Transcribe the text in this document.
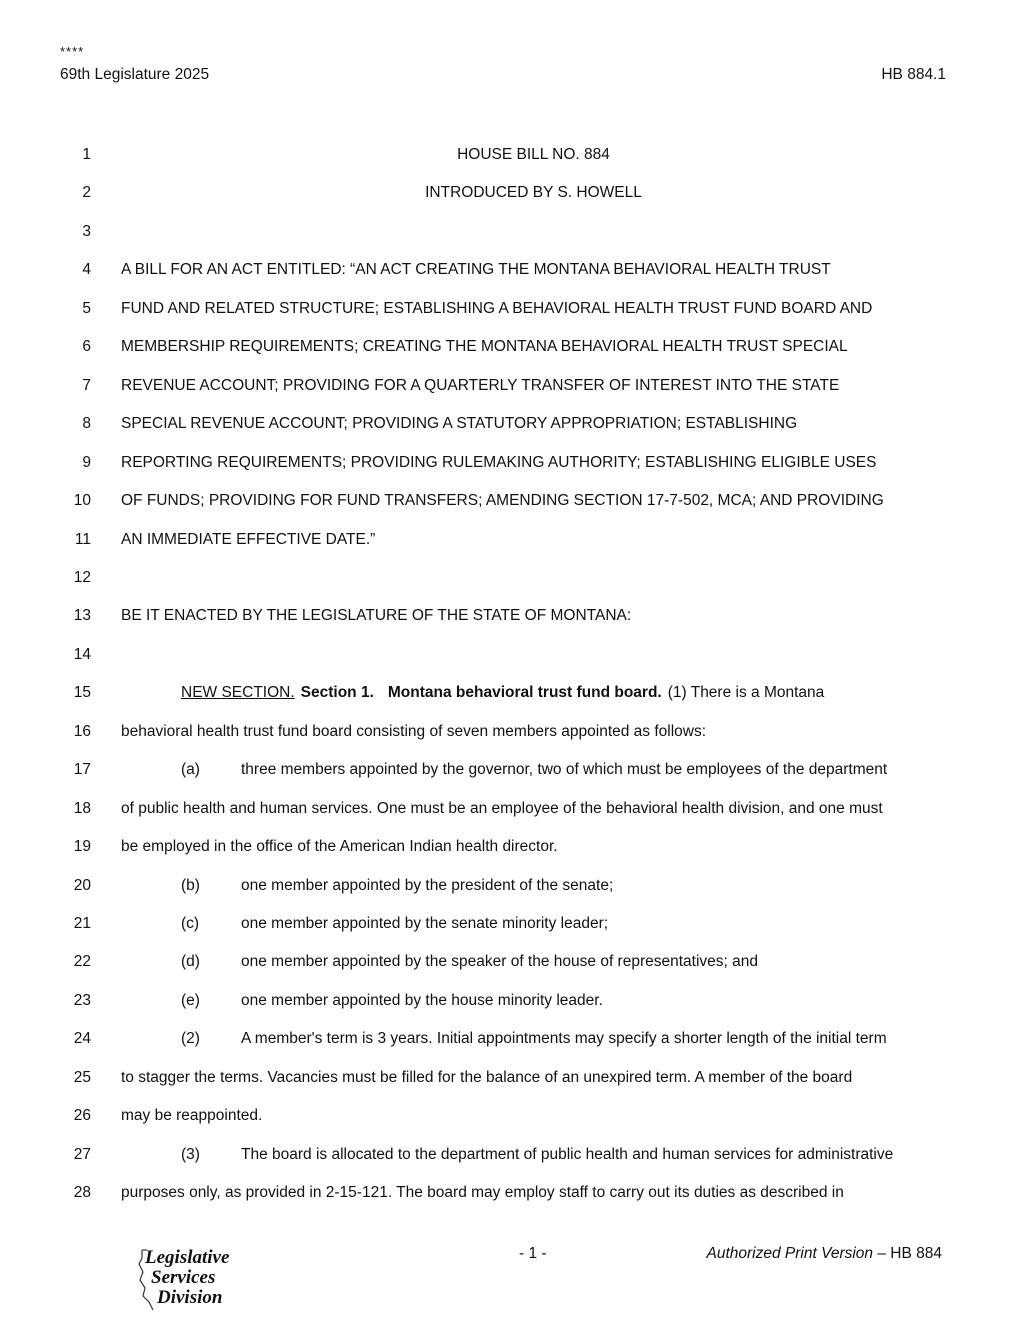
****
69th Legislature 2025	HB 884.1
1	HOUSE BILL NO. 884
2	INTRODUCED BY S. HOWELL
3
4 A BILL FOR AN ACT ENTITLED: “AN ACT CREATING THE MONTANA BEHAVIORAL HEALTH TRUST
5 FUND AND RELATED STRUCTURE; ESTABLISHING A BEHAVIORAL HEALTH TRUST FUND BOARD AND
6 MEMBERSHIP REQUIREMENTS; CREATING THE MONTANA BEHAVIORAL HEALTH TRUST SPECIAL
7 REVENUE ACCOUNT; PROVIDING FOR A QUARTERLY TRANSFER OF INTEREST INTO THE STATE
8 SPECIAL REVENUE ACCOUNT; PROVIDING A STATUTORY APPROPRIATION; ESTABLISHING
9 REPORTING REQUIREMENTS; PROVIDING RULEMAKING AUTHORITY; ESTABLISHING ELIGIBLE USES
10 OF FUNDS; PROVIDING FOR FUND TRANSFERS; AMENDING SECTION 17-7-502, MCA; AND PROVIDING
11 AN IMMEDIATE EFFECTIVE DATE.”
12
13 BE IT ENACTED BY THE LEGISLATURE OF THE STATE OF MONTANA:
14
15	NEW SECTION. Section 1. Montana behavioral trust fund board. (1) There is a Montana
16 behavioral health trust fund board consisting of seven members appointed as follows:
17	(a)	three members appointed by the governor, two of which must be employees of the department
18 of public health and human services. One must be an employee of the behavioral health division, and one must
19 be employed in the office of the American Indian health director.
20	(b)	one member appointed by the president of the senate;
21	(c)	one member appointed by the senate minority leader;
22	(d)	one member appointed by the speaker of the house of representatives; and
23	(e)	one member appointed by the house minority leader.
24	(2)	A member's term is 3 years. Initial appointments may specify a shorter length of the initial term
25 to stagger the terms. Vacancies must be filled for the balance of an unexpired term. A member of the board
26 may be reappointed.
27	(3)	The board is allocated to the department of public health and human services for administrative
28 purposes only, as provided in 2-15-121. The board may employ staff to carry out its duties as described in
Legislative
Services
Division
- 1 -	Authorized Print Version – HB 884
